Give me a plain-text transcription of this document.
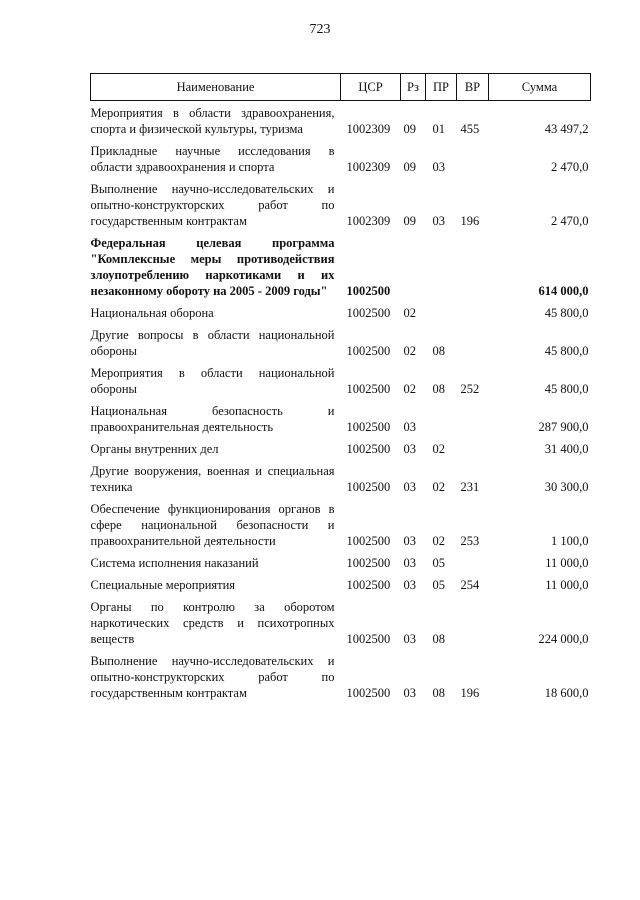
723
Наименование	ЦСР	Рз	ПР	ВР	Сумма
Мероприятия в области здравоохранения, спорта и физической культуры, туризма	1002309	09	01	455	43 497,2
Прикладные научные исследования в области здравоохранения и спорта	1002309	09	03		2 470,0
Выполнение научно-исследовательских и опытно-конструкторских работ по государственным контрактам	1002309	09	03	196	2 470,0
Федеральная целевая программа "Комплексные меры противодействия злоупотреблению наркотиками и их незаконному обороту на 2005 - 2009 годы"	1002500				614 000,0
Национальная оборона	1002500	02			45 800,0
Другие вопросы в области национальной обороны	1002500	02	08		45 800,0
Мероприятия в области национальной обороны	1002500	02	08	252	45 800,0
Национальная безопасность и правоохранительная деятельность	1002500	03			287 900,0
Органы внутренних дел	1002500	03	02		31 400,0
Другие вооружения, военная и специальная техника	1002500	03	02	231	30 300,0
Обеспечение функционирования органов в сфере национальной безопасности и правоохранительной деятельности	1002500	03	02	253	1 100,0
Система исполнения наказаний	1002500	03	05		11 000,0
Специальные мероприятия	1002500	03	05	254	11 000,0
Органы по контролю за оборотом наркотических средств и психотропных веществ	1002500	03	08		224 000,0
Выполнение научно-исследовательских и опытно-конструкторских работ по государственным контрактам	1002500	03	08	196	18 600,0
